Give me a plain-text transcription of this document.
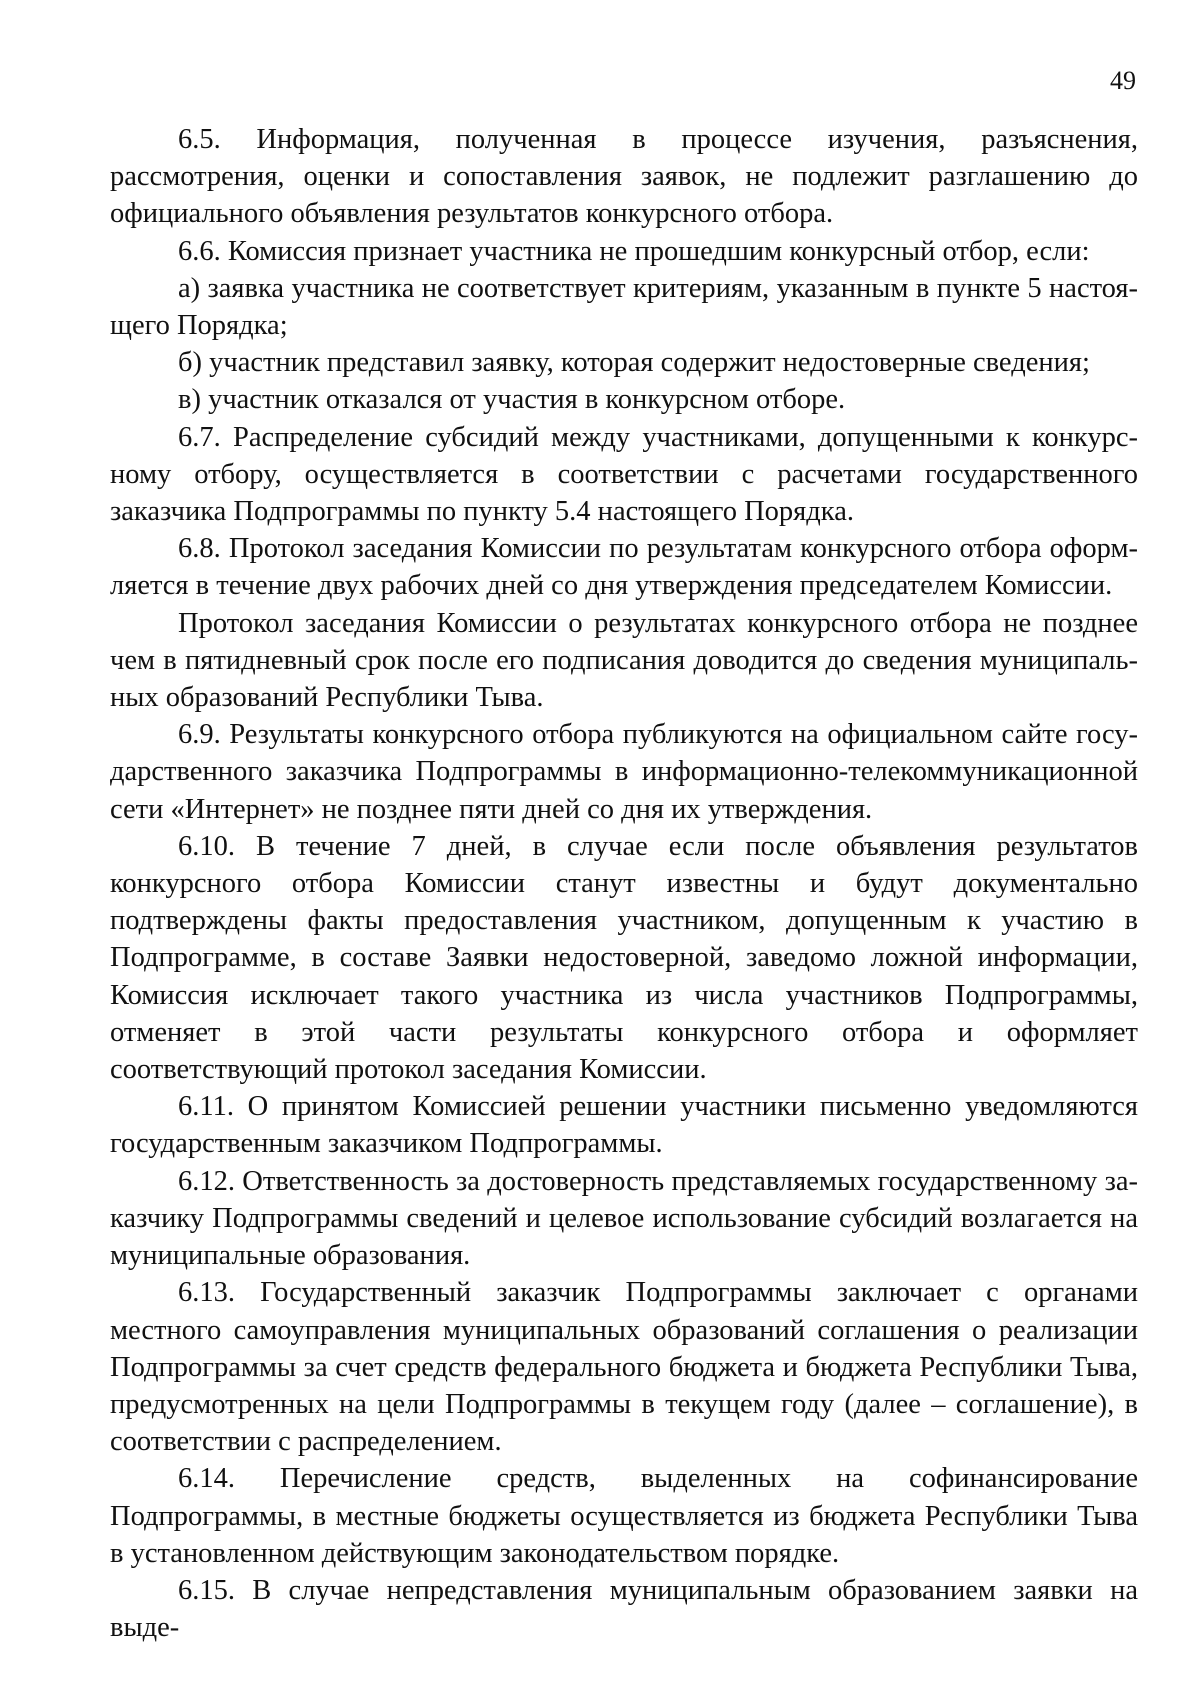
49

6.5. Информация, полученная в процессе изучения, разъяснения, рассмотрения, оценки и сопоставления заявок, не подлежит разглашению до официального объявления результатов конкурсного отбора.

6.6. Комиссия признает участника не прошедшим конкурсный отбор, если:

а) заявка участника не соответствует критериям, указанным в пункте 5 настоящего Порядка;

б) участник представил заявку, которая содержит недостоверные сведения;

в) участник отказался от участия в конкурсном отборе.

6.7. Распределение субсидий между участниками, допущенными к конкурсному отбору, осуществляется в соответствии с расчетами государственного заказчика Подпрограммы по пункту 5.4 настоящего Порядка.

6.8. Протокол заседания Комиссии по результатам конкурсного отбора оформляется в течение двух рабочих дней со дня утверждения председателем Комиссии.

Протокол заседания Комиссии о результатах конкурсного отбора не позднее чем в пятидневный срок после его подписания доводится до сведения муниципальных образований Республики Тыва.

6.9. Результаты конкурсного отбора публикуются на официальном сайте государственного заказчика Подпрограммы в информационно-телекоммуникационной сети «Интернет» не позднее пяти дней со дня их утверждения.

6.10. В течение 7 дней, в случае если после объявления результатов конкурсного отбора Комиссии станут известны и будут документально подтверждены факты предоставления участником, допущенным к участию в Подпрограмме, в составе Заявки недостоверной, заведомо ложной информации, Комиссия исключает такого участника из числа участников Подпрограммы, отменяет в этой части результаты конкурсного отбора и оформляет соответствующий протокол заседания Комиссии.

6.11. О принятом Комиссией решении участники письменно уведомляются государственным заказчиком Подпрограммы.

6.12. Ответственность за достоверность представляемых государственному заказчику Подпрограммы сведений и целевое использование субсидий возлагается на муниципальные образования.

6.13. Государственный заказчик Подпрограммы заключает с органами местного самоуправления муниципальных образований соглашения о реализации Подпрограммы за счет средств федерального бюджета и бюджета Республики Тыва, предусмотренных на цели Подпрограммы в текущем году (далее – соглашение), в соответствии с распределением.

6.14. Перечисление средств, выделенных на софинансирование Подпрограммы, в местные бюджеты осуществляется из бюджета Республики Тыва в установленном действующим законодательством порядке.

6.15. В случае непредставления муниципальным образованием заявки на выде-
